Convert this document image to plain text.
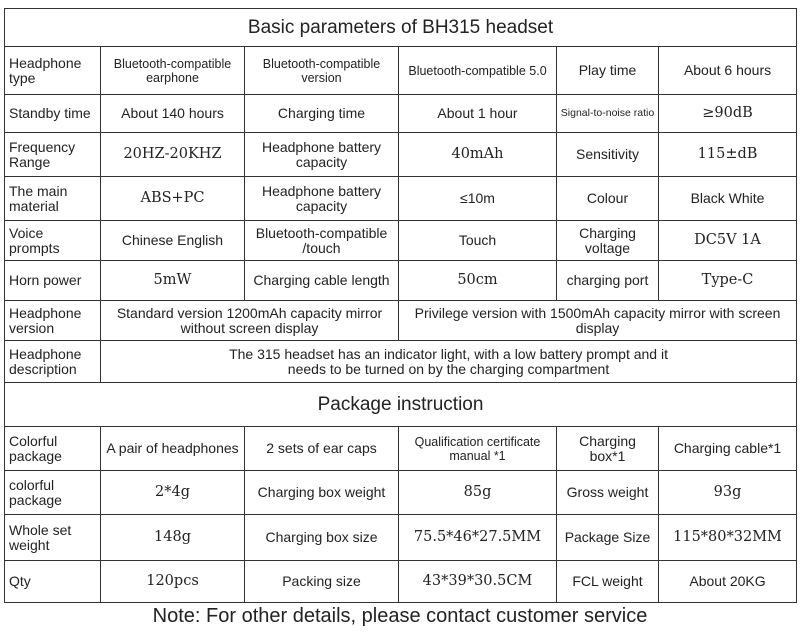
Basic parameters of BH315 headset					
Headphone type	Bluetooth-compatible earphone	Bluetooth-compatible version	Bluetooth-compatible 5.0	Play time	About 6 hours
Standby time	About 140 hours	Charging time	About 1 hour	Signal-to-noise ratio	≥90dB
Frequency Range	20HZ-20KHZ	Headphone battery capacity	40mAh	Sensitivity	115±dB
The main material	ABS+PC	Headphone battery capacity	≤10m	Colour	Black White
Voice prompts	Chinese English	Bluetooth-compatible /touch	Touch	Charging voltage	DC5V 1A
Horn power	5mW	Charging cable length	50cm	charging port	Type-C
Headphone version	Standard version 1200mAh capacity mirror without screen display		Privilege version with 1500mAh capacity mirror with screen display		
Headphone description	The 315 headset has an indicator light, with a low battery prompt and it needs to be turned on by the charging compartment				
Package instruction					
Colorful package	A pair of headphones	2 sets of ear caps	Qualification certificate manual *1	Charging box*1	Charging cable*1
colorful package	2*4g	Charging box weight	85g	Gross weight	93g
Whole set weight	148g	Charging box size	75.5*46*27.5MM	Package Size	115*80*32MM
Qty	120pcs	Packing size	43*39*30.5CM	FCL weight	About 20KG
Note: For other details, please contact customer service
